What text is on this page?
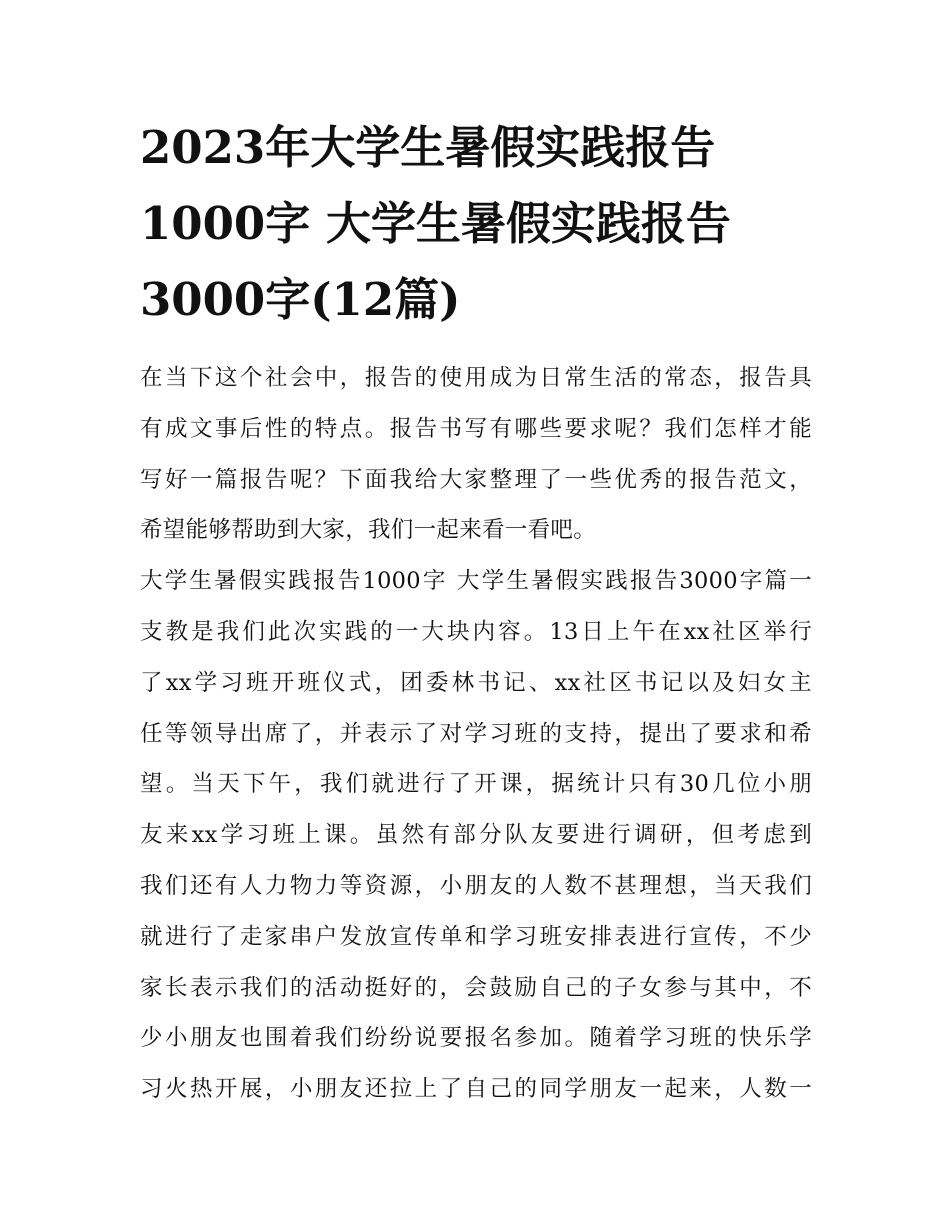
2023年大学生暑假实践报告
1000字 大学生暑假实践报告
3000字(12篇)
在当下这个社会中，报告的使用成为日常生活的常态，报告具
有成文事后性的特点。报告书写有哪些要求呢？我们怎样才能
写好一篇报告呢？下面我给大家整理了一些优秀的报告范文，
希望能够帮助到大家，我们一起来看一看吧。
大学生暑假实践报告1000字 大学生暑假实践报告3000字篇一
支教是我们此次实践的一大块内容。13日上午在xx社区举行
了xx学习班开班仪式，团委林书记、xx社区书记以及妇女主
任等领导出席了，并表示了对学习班的支持，提出了要求和希
望。当天下午，我们就进行了开课，据统计只有30几位小朋
友来xx学习班上课。虽然有部分队友要进行调研，但考虑到
我们还有人力物力等资源，小朋友的人数不甚理想，当天我们
就进行了走家串户发放宣传单和学习班安排表进行宣传，不少
家长表示我们的活动挺好的，会鼓励自己的子女参与其中，不
少小朋友也围着我们纷纷说要报名参加。随着学习班的快乐学
习火热开展，小朋友还拉上了自己的同学朋友一起来，人数一
